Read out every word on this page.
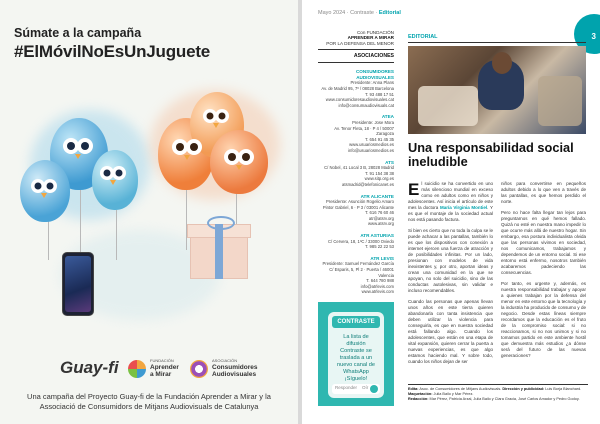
Súmate a la campaña
#ElMóvilNoEsUnJuguete
Guay-fi	FUNDACIÓN
Aprender
a Mirar
ASOCIACIÓN
Consumidores
Audiovisuales
Una campaña del Proyecto Guay-fi de la Fundación Aprender a Mirar y la
Associació de Consumidors de Mitjans Audiovisuals de Catalunya
Mayo 2024 · Contraste · Editorial
3
Con FUNDACIÓN
APRENDER A MIRAR
POR LA DEFENSA DEL MENOR
ASOCIACIONES
CONSUMIDORES AUDIOVISUALES
Presidente: Anna Plans
Av. de Madrid 95, 7º / 08028 Barcelona
T. 93 488 17 51
www.consumidoresaudiovisuales.cat
info@consumaudiovisuals.cat
ATEA
Presidente: Jose Mora
Av. Tenor Fleta, 18 · P 4 / 50007 Zaragoza
T. 654 91 45 35
www.usuariosmedios.es
info@usuariosmedios.es
ATS
C/ Nobel, 41 Local 3 B, 28028 Madrid
T. 91 154 38 38
www.sitp.org.es
atsmadrid@telefonicanet.es
ATR ALICANTE
Presidente: Asunción Rogelio Amaro
Pintor Gabriel, 6 · P 3 / 03001 Alicante
T. 616 76 60 46
atr@atsrv.org
www.atsrv.org
ATR ASTURIAS
C/ Cervera, 18, 1ºC / 33000 Oviedo
T. 985 22 22 53
ATR LEVIS
Presidente: Samuel Fernández García
C/ Esparis, 5, Pl 2 · Puerta / 46001 Valencia
T. 644 780 988
info@atrlevis.com
www.atrlevis.com
CONTRASTE
La lista de difusión Contraste se traslada a un nuevo canal de WhatsApp ¡Síguelo!
Responder Oír
EDITORIAL
Una responsabilidad social ineludible

El suicidio se ha convertido en uno más silencioso mundial en exceso como en adultos como en niños y adolescentes. Así inicia el artículo de este mes la doctora María Virginia Montiel. Y es que el montaje de la sociedad actual nos está pasando factura.

Si bien es cierto que no toda la culpa se le puede achacar a las pantallas, también lo es que los dispositivos con conexión a internet ejercen una fuerza de atracción y de posibilidades infinitas. Por un lado, presionan con modelos de vida inexistentes y, por otro, aportan ideas y crean una comunidad en la que se apoyan, no solo del suicidio, sino de las conductas autolesivas, sin validar e incluso recomendables.

Cuando las personas que apenas llevan unos años en este tierra quieren abandonarla con tanta insistencia que deben utilizar la violencia para conseguirla, es que en nuestra sociedad está fallando algo. Cuando los adolescentes, que están en una etapa de vital expansión, quieren cerrar la puerta a nuevas experiencias, es que algo estamos haciendo mal. Y sobre todo, cuando los niños dejan de ser

niños para convertirse en pequeños adultos debido a lo que ven a través de las pantallas, es que hemos perdido el norte.

Pero no hace falta llegar tan lejos para preguntarnos en qué hemos fallado. Quizá no esté en nuestra mano impedir lo que ocurre más allá de nuestro hogar. Sin embargo, esa postura individualista olvida que las personas vivimos en sociedad, nos comunicamos, trabajamos y dependemos de un entorno social. Si ese entorno está enfermo, nosotros también acabaremos padeciendo las consecuencias.

Por tanto, es urgente y, además, es nuestra responsabilidad trabajar y apoyar a quienes trabajan por la defensa del menor en este entorno que la tecnología y la industria ha producido de consumo y de negocio. Desde estas líneas siempre recordamos que la educación es el fruto de la compromiso social: si no reaccionamos, si no nos unimos y si no tomamos partido en este ambiente hostil que demuestra más estudios ¿a dónse será del futuro de las nuevas generaciones?

Edita: Asoc. de Consumidores de Mitjans Audiovisuals. Dirección y publicidad: Luis Borja Blanchard.
Maquetación: Julia Bailo y Mar Pérez.
Redacción: Mar Pérez, Patricia Arzal, Julia Bailo y Clara Gracia, José Carlos Amador y Pedro Godoy.
